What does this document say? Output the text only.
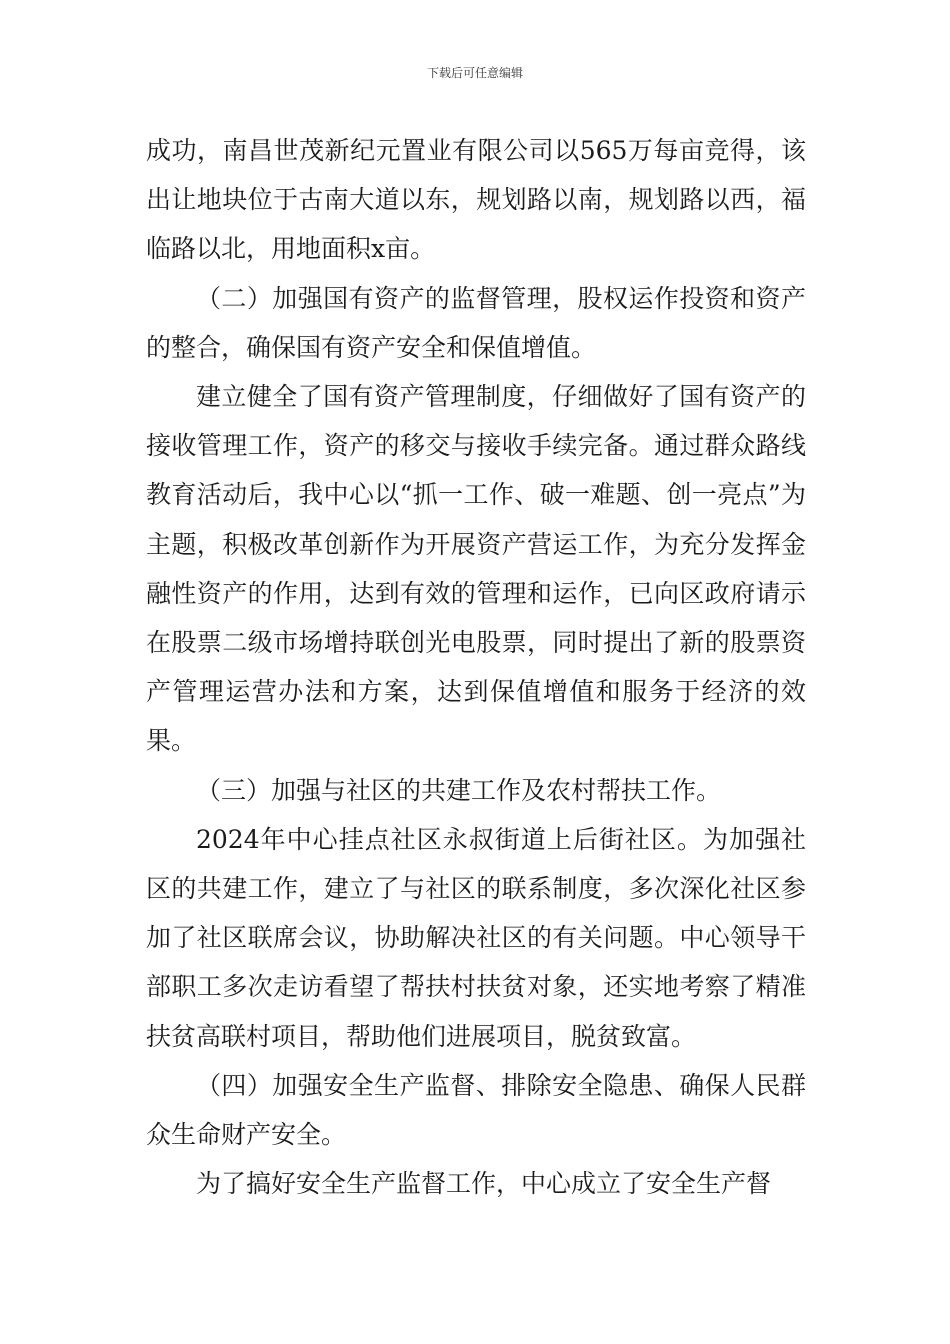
下载后可任意编辑

成功，南昌世茂新纪元置业有限公司以565万每亩竞得，该出让地块位于古南大道以东，规划路以南，规划路以西，福临路以北，用地面积x亩。

（二）加强国有资产的监督管理，股权运作投资和资产的整合，确保国有资产安全和保值增值。

建立健全了国有资产管理制度，仔细做好了国有资产的接收管理工作，资产的移交与接收手续完备。通过群众路线教育活动后，我中心以“抓一工作、破一难题、创一亮点”为主题，积极改革创新作为开展资产营运工作，为充分发挥金融性资产的作用，达到有效的管理和运作，已向区政府请示在股票二级市场增持联创光电股票，同时提出了新的股票资产管理运营办法和方案，达到保值增值和服务于经济的效果。

（三）加强与社区的共建工作及农村帮扶工作。

2024年中心挂点社区永叔街道上后街社区。为加强社区的共建工作，建立了与社区的联系制度，多次深化社区参加了社区联席会议，协助解决社区的有关问题。中心领导干部职工多次走访看望了帮扶村扶贫对象，还实地考察了精准扶贫高联村项目，帮助他们进展项目，脱贫致富。

（四）加强安全生产监督、排除安全隐患、确保人民群众生命财产安全。

为了搞好安全生产监督工作，中心成立了安全生产督
